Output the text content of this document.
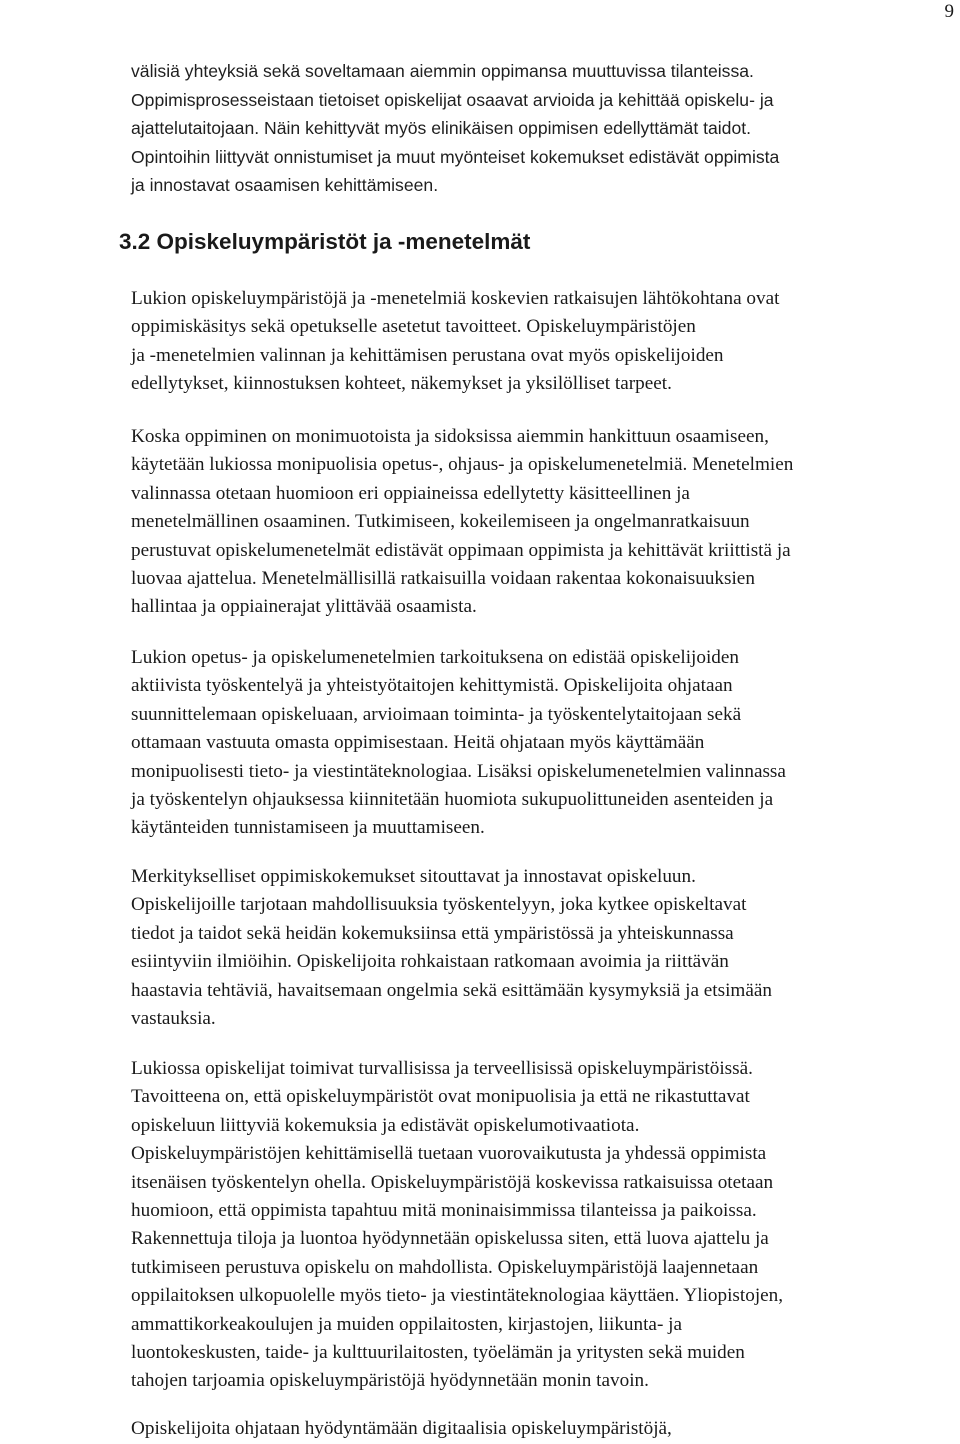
9

välisiä yhteyksiä sekä soveltamaan aiemmin oppimansa muuttuvissa tilanteissa.
Oppimisprosesseistaan tietoiset opiskelijat osaavat arvioida ja kehittää opiskelu- ja
ajattelutaitojaan. Näin kehittyvät myös elinikäisen oppimisen edellyttämät taidot.
Opintoihin liittyvät onnistumiset ja muut myönteiset kokemukset edistävät oppimista
ja innostavat osaamisen kehittämiseen.

3.2 Opiskeluympäristöt ja -menetelmät

Lukion opiskeluympäristöjä ja -menetelmiä koskevien ratkaisujen lähtökohtana ovat
oppimiskäsitys sekä opetukselle asetetut tavoitteet. Opiskeluympäristöjen
ja -menetelmien valinnan ja kehittämisen perustana ovat myös opiskelijoiden
edellytykset, kiinnostuksen kohteet, näkemykset ja yksilölliset tarpeet.

Koska oppiminen on monimuotoista ja sidoksissa aiemmin hankittuun osaamiseen,
käytetään lukiossa monipuolisia opetus-, ohjaus- ja opiskelumenetelmiä. Menetelmien
valinnassa otetaan huomioon eri oppiaineissa edellytetty käsitteellinen ja
menetelmällinen osaaminen. Tutkimiseen, kokeilemiseen ja ongelmanratkaisuun
perustuvat opiskelumenetelmät edistävät oppimaan oppimista ja kehittävät kriittistä ja
luovaa ajattelua. Menetelmällisillä ratkaisuilla voidaan rakentaa kokonaisuuksien
hallintaa ja oppiainerajat ylittävää osaamista.

Lukion opetus- ja opiskelumenetelmien tarkoituksena on edistää opiskelijoiden
aktiivista työskentelyä ja yhteistyötaitojen kehittymistä. Opiskelijoita ohjataan
suunnittelemaan opiskeluaan, arvioimaan toiminta- ja työskentelytaitojaan sekä
ottamaan vastuuta omasta oppimisestaan. Heitä ohjataan myös käyttämään
monipuolisesti tieto- ja viestintäteknologiaa. Lisäksi opiskelumenetelmien valinnassa
ja työskentelyn ohjauksessa kiinnitetään huomiota sukupuolittuneiden asenteiden ja
käytänteiden tunnistamiseen ja muuttamiseen.

Merkitykselliset oppimiskokemukset sitouttavat ja innostavat opiskeluun.
Opiskelijoille tarjotaan mahdollisuuksia työskentelyyn, joka kytkee opiskeltavat
tiedot ja taidot sekä heidän kokemuksiinsa että ympäristössä ja yhteiskunnassa
esiintyviin ilmiöihin. Opiskelijoita rohkaistaan ratkomaan avoimia ja riittävän
haastavia tehtäviä, havaitsemaan ongelmia sekä esittämään kysymyksiä ja etsimään
vastauksia.

Lukiossa opiskelijat toimivat turvallisissa ja terveellisissä opiskeluympäristöissä.
Tavoitteena on, että opiskeluympäristöt ovat monipuolisia ja että ne rikastuttavat
opiskeluun liittyviä kokemuksia ja edistävät opiskelumotivaatiota.
Opiskeluympäristöjen kehittämisellä tuetaan vuorovaikutusta ja yhdessä oppimista
itsenäisen työskentelyn ohella. Opiskeluympäristöjä koskevissa ratkaisuissa otetaan
huomioon, että oppimista tapahtuu mitä moninaisimmissa tilanteissa ja paikoissa.
Rakennettuja tiloja ja luontoa hyödynnetään opiskelussa siten, että luova ajattelu ja
tutkimiseen perustuva opiskelu on mahdollista. Opiskeluympäristöjä laajennetaan
oppilaitoksen ulkopuolelle myös tieto- ja viestintäteknologiaa käyttäen. Yliopistojen,
ammattikorkeakoulujen ja muiden oppilaitosten, kirjastojen, liikunta- ja
luontokeskusten, taide- ja kulttuurilaitosten, työelämän ja yritysten sekä muiden
tahojen tarjoamia opiskeluympäristöjä hyödynnetään monin tavoin.

Opiskelijoita ohjataan hyödyntämään digitaalisia opiskeluympäristöjä,
